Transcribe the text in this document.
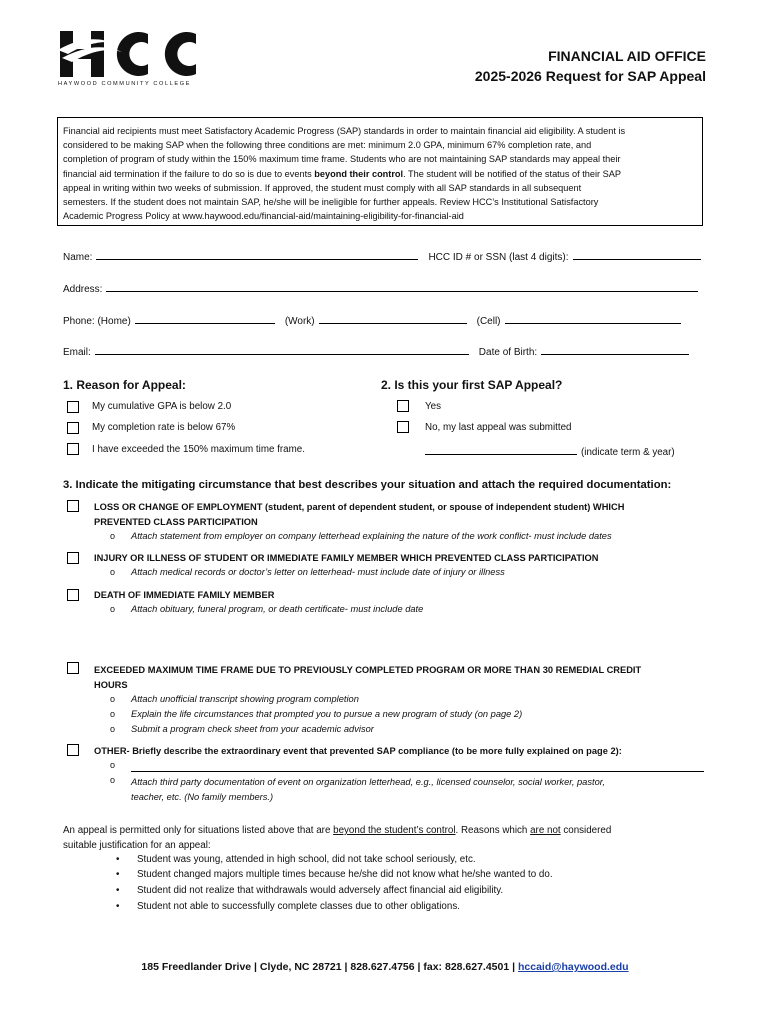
HAYWOOD COMMUNITY COLLEGE
FINANCIAL AID OFFICE
2025-2026 Request for SAP Appeal
Financial aid recipients must meet Satisfactory Academic Progress (SAP) standards in order to maintain financial aid eligibility. A student is
considered to be making SAP when the following three conditions are met: minimum 2.0 GPA, minimum 67% completion rate, and
completion of program of study within the 150% maximum time frame. Students who are not maintaining SAP standards may appeal their
financial aid termination if the failure to do so is due to events beyond their control. The student will be notified of the status of their SAP
appeal in writing within two weeks of submission. If approved, the student must comply with all SAP standards in all subsequent
semesters. If the student does not maintain SAP, he/she will be ineligible for further appeals. Review HCC’s Institutional Satisfactory
Academic Progress Policy at www.haywood.edu/financial-aid/maintaining-eligibility-for-financial-aid
Name:	HCC ID # or SSN (last 4 digits):
Address:
Phone: (Home)	(Work)	(Cell)
Email:	Date of Birth:
1. Reason for Appeal:
My cumulative GPA is below 2.0
My completion rate is below 67%
I have exceeded the 150% maximum time frame.
2. Is this your first SAP Appeal?
Yes
No, my last appeal was submitted
(indicate term & year)
3. Indicate the mitigating circumstance that best describes your situation and attach the required documentation:
LOSS OR CHANGE OF EMPLOYMENT (student, parent of dependent student, or spouse of independent student) WHICH
PREVENTED CLASS PARTICIPATION
o Attach statement from employer on company letterhead explaining the nature of the work conflict- must include dates
INJURY OR ILLNESS OF STUDENT OR IMMEDIATE FAMILY MEMBER WHICH PREVENTED CLASS PARTICIPATION
o Attach medical records or doctor’s letter on letterhead- must include date of injury or illness
DEATH OF IMMEDIATE FAMILY MEMBER
o Attach obituary, funeral program, or death certificate- must include date
EXCEEDED MAXIMUM TIME FRAME DUE TO PREVIOUSLY COMPLETED PROGRAM OR MORE THAN 30 REMEDIAL CREDIT
HOURS
o Attach unofficial transcript showing program completion
o Explain the life circumstances that prompted you to pursue a new program of study (on page 2)
o Submit a program check sheet from your academic advisor
OTHER- Briefly describe the extraordinary event that prevented SAP compliance (to be more fully explained on page 2):
o
o Attach third party documentation of event on organization letterhead, e.g., licensed counselor, social worker, pastor,
teacher, etc. (No family members.)
An appeal is permitted only for situations listed above that are beyond the student’s control. Reasons which are not considered
suitable justification for an appeal:
• Student was young, attended in high school, did not take school seriously, etc.
• Student changed majors multiple times because he/she did not know what he/she wanted to do.
• Student did not realize that withdrawals would adversely affect financial aid eligibility.
• Student not able to successfully complete classes due to other obligations.
185 Freedlander Drive | Clyde, NC 28721 | 828.627.4756 | fax: 828.627.4501 | hccaid@haywood.edu
